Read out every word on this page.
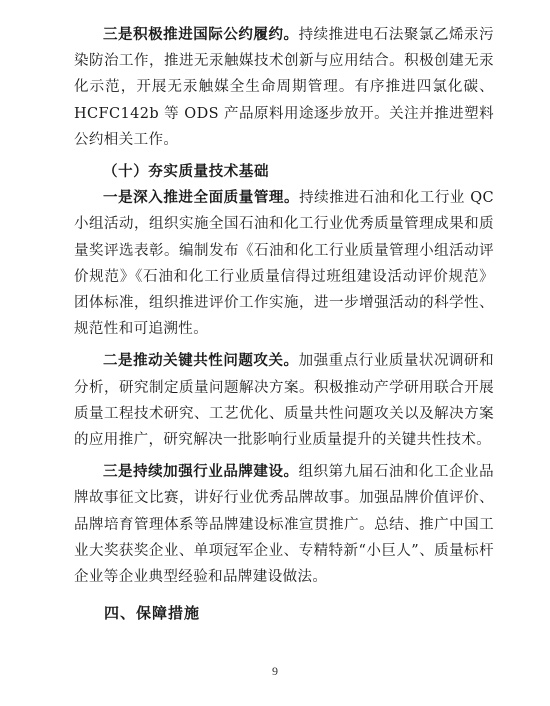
三是积极推进国际公约履约。持续推进电石法聚氯乙烯汞污染防治工作，推进无汞触媒技术创新与应用结合。积极创建无汞化示范，开展无汞触媒全生命周期管理。有序推进四氯化碳、HCFC142b 等 ODS 产品原料用途逐步放开。关注并推进塑料公约相关工作。

（十）夯实质量技术基础

一是深入推进全面质量管理。持续推进石油和化工行业 QC 小组活动，组织实施全国石油和化工行业优秀质量管理成果和质量奖评选表彰。编制发布《石油和化工行业质量管理小组活动评价规范》《石油和化工行业质量信得过班组建设活动评价规范》团体标准，组织推进评价工作实施，进一步增强活动的科学性、规范性和可追溯性。

二是推动关键共性问题攻关。加强重点行业质量状况调研和分析，研究制定质量问题解决方案。积极推动产学研用联合开展质量工程技术研究、工艺优化、质量共性问题攻关以及解决方案的应用推广，研究解决一批影响行业质量提升的关键共性技术。

三是持续加强行业品牌建设。组织第九届石油和化工企业品牌故事征文比赛，讲好行业优秀品牌故事。加强品牌价值评价、品牌培育管理体系等品牌建设标准宣贯推广。总结、推广中国工业大奖获奖企业、单项冠军企业、专精特新“小巨人”、质量标杆企业等企业典型经验和品牌建设做法。

四、保障措施
9
